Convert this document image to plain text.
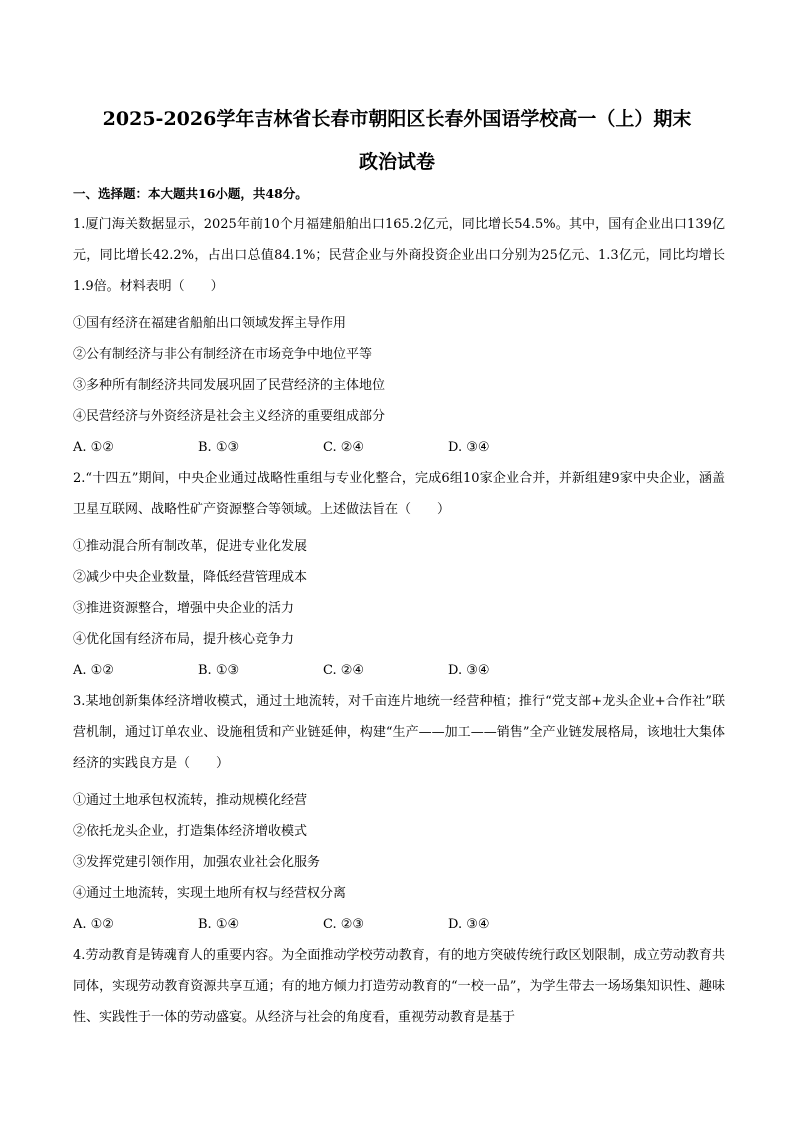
2025-2026学年吉林省长春市朝阳区长春外国语学校高一（上）期末
政治试卷
一、选择题：本大题共16小题，共48分。

1.厦门海关数据显示，2025年前10个月福建船舶出口165.2亿元，同比增长54.5%。其中，国有企业出口139亿元，同比增长42.2%，占出口总值84.1%；民营企业与外商投资企业出口分别为25亿元、1.3亿元，同比均增长1.9倍。材料表明（　　）

①国有经济在福建省船舶出口领域发挥主导作用

②公有制经济与非公有制经济在市场竞争中地位平等

③多种所有制经济共同发展巩固了民营经济的主体地位

④民营经济与外资经济是社会主义经济的重要组成部分

A. ①②	B. ①③	C. ②④	D. ③④

2.“十四五”期间，中央企业通过战略性重组与专业化整合，完成6组10家企业合并，并新组建9家中央企业，涵盖卫星互联网、战略性矿产资源整合等领域。上述做法旨在（　　）

①推动混合所有制改革，促进专业化发展

②减少中央企业数量，降低经营管理成本

③推进资源整合，增强中央企业的活力

④优化国有经济布局，提升核心竞争力

A. ①②	B. ①③	C. ②④	D. ③④

3.某地创新集体经济增收模式，通过土地流转，对千亩连片地统一经营种植；推行“党支部+龙头企业+合作社”联营机制，通过订单农业、设施租赁和产业链延伸，构建“生产——加工——销售”全产业链发展格局，该地壮大集体经济的实践良方是（　　）

①通过土地承包权流转，推动规模化经营

②依托龙头企业，打造集体经济增收模式

③发挥党建引领作用，加强农业社会化服务

④通过土地流转，实现土地所有权与经营权分离

A. ①②	B. ①④	C. ②③	D. ③④

4.劳动教育是铸魂育人的重要内容。为全面推动学校劳动教育，有的地方突破传统行政区划限制，成立劳动教育共同体，实现劳动教育资源共享互通；有的地方倾力打造劳动教育的“一校一品”，为学生带去一场场集知识性、趣味性、实践性于一体的劳动盛宴。从经济与社会的角度看，重视劳动教育是基于
